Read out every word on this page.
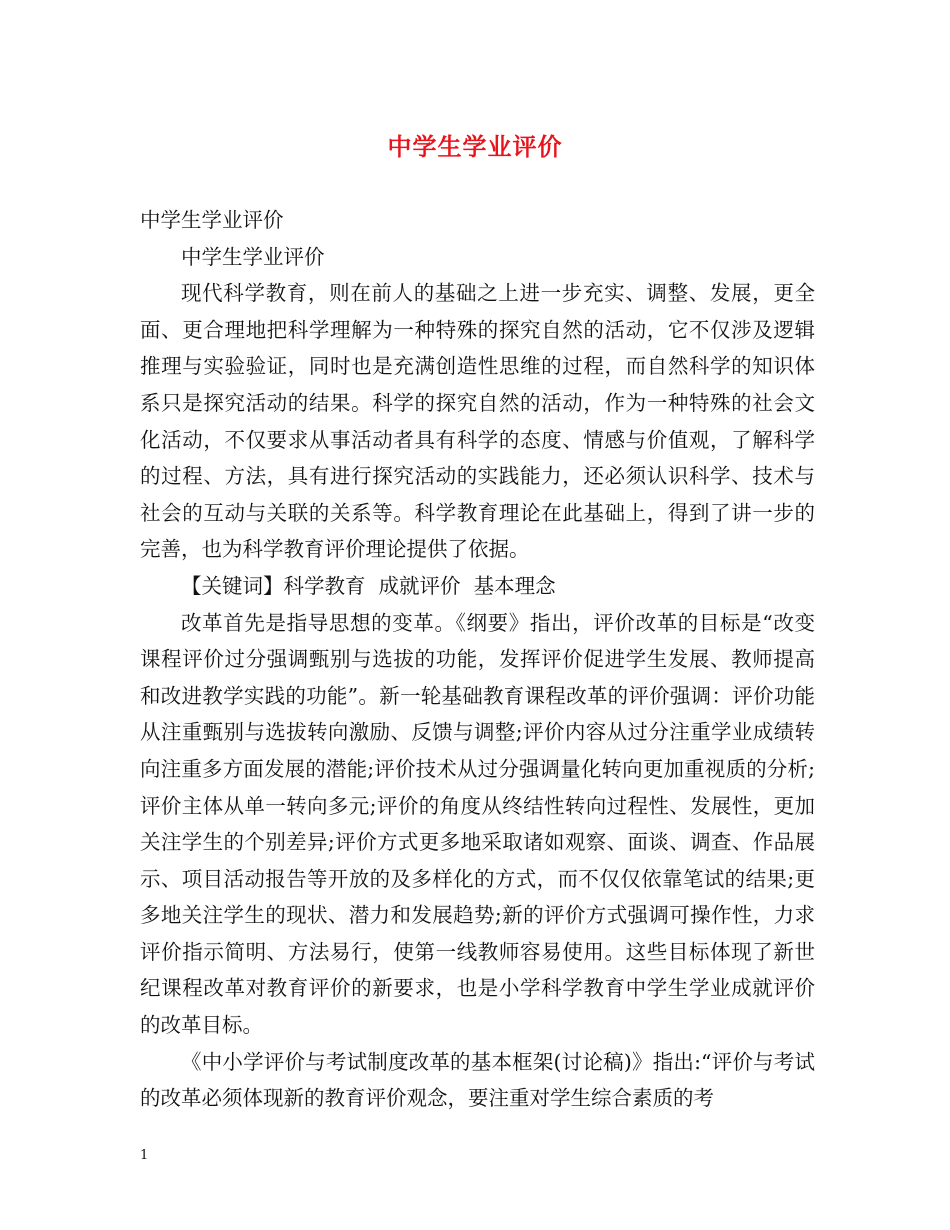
中学生学业评价

中学生学业评价

中学生学业评价

现代科学教育，则在前人的基础之上进一步充实、调整、发展，更全面、更合理地把科学理解为一种特殊的探究自然的活动，它不仅涉及逻辑推理与实验验证，同时也是充满创造性思维的过程，而自然科学的知识体系只是探究活动的结果。科学的探究自然的活动，作为一种特殊的社会文化活动，不仅要求从事活动者具有科学的态度、情感与价值观，了解科学的过程、方法，具有进行探究活动的实践能力，还必须认识科学、技术与社会的互动与关联的关系等。科学教育理论在此基础上，得到了讲一步的完善，也为科学教育评价理论提供了依据。

【关键词】科学教育  成就评价  基本理念

改革首先是指导思想的变革。《纲要》指出，评价改革的目标是“改变课程评价过分强调甄别与选拔的功能，发挥评价促进学生发展、教师提高和改进教学实践的功能”。新一轮基础教育课程改革的评价强调：评价功能从注重甄别与选拔转向激励、反馈与调整;评价内容从过分注重学业成绩转向注重多方面发展的潜能;评价技术从过分强调量化转向更加重视质的分析;评价主体从单一转向多元;评价的角度从终结性转向过程性、发展性，更加关注学生的个别差异;评价方式更多地采取诸如观察、面谈、调查、作品展示、项目活动报告等开放的及多样化的方式，而不仅仅依靠笔试的结果;更多地关注学生的现状、潜力和发展趋势;新的评价方式强调可操作性，力求评价指示简明、方法易行，使第一线教师容易使用。这些目标体现了新世纪课程改革对教育评价的新要求，也是小学科学教育中学生学业成就评价的改革目标。

《中小学评价与考试制度改革的基本框架(讨论稿)》指出:“评价与考试的改革必须体现新的教育评价观念，要注重对学生综合素质的考

1
